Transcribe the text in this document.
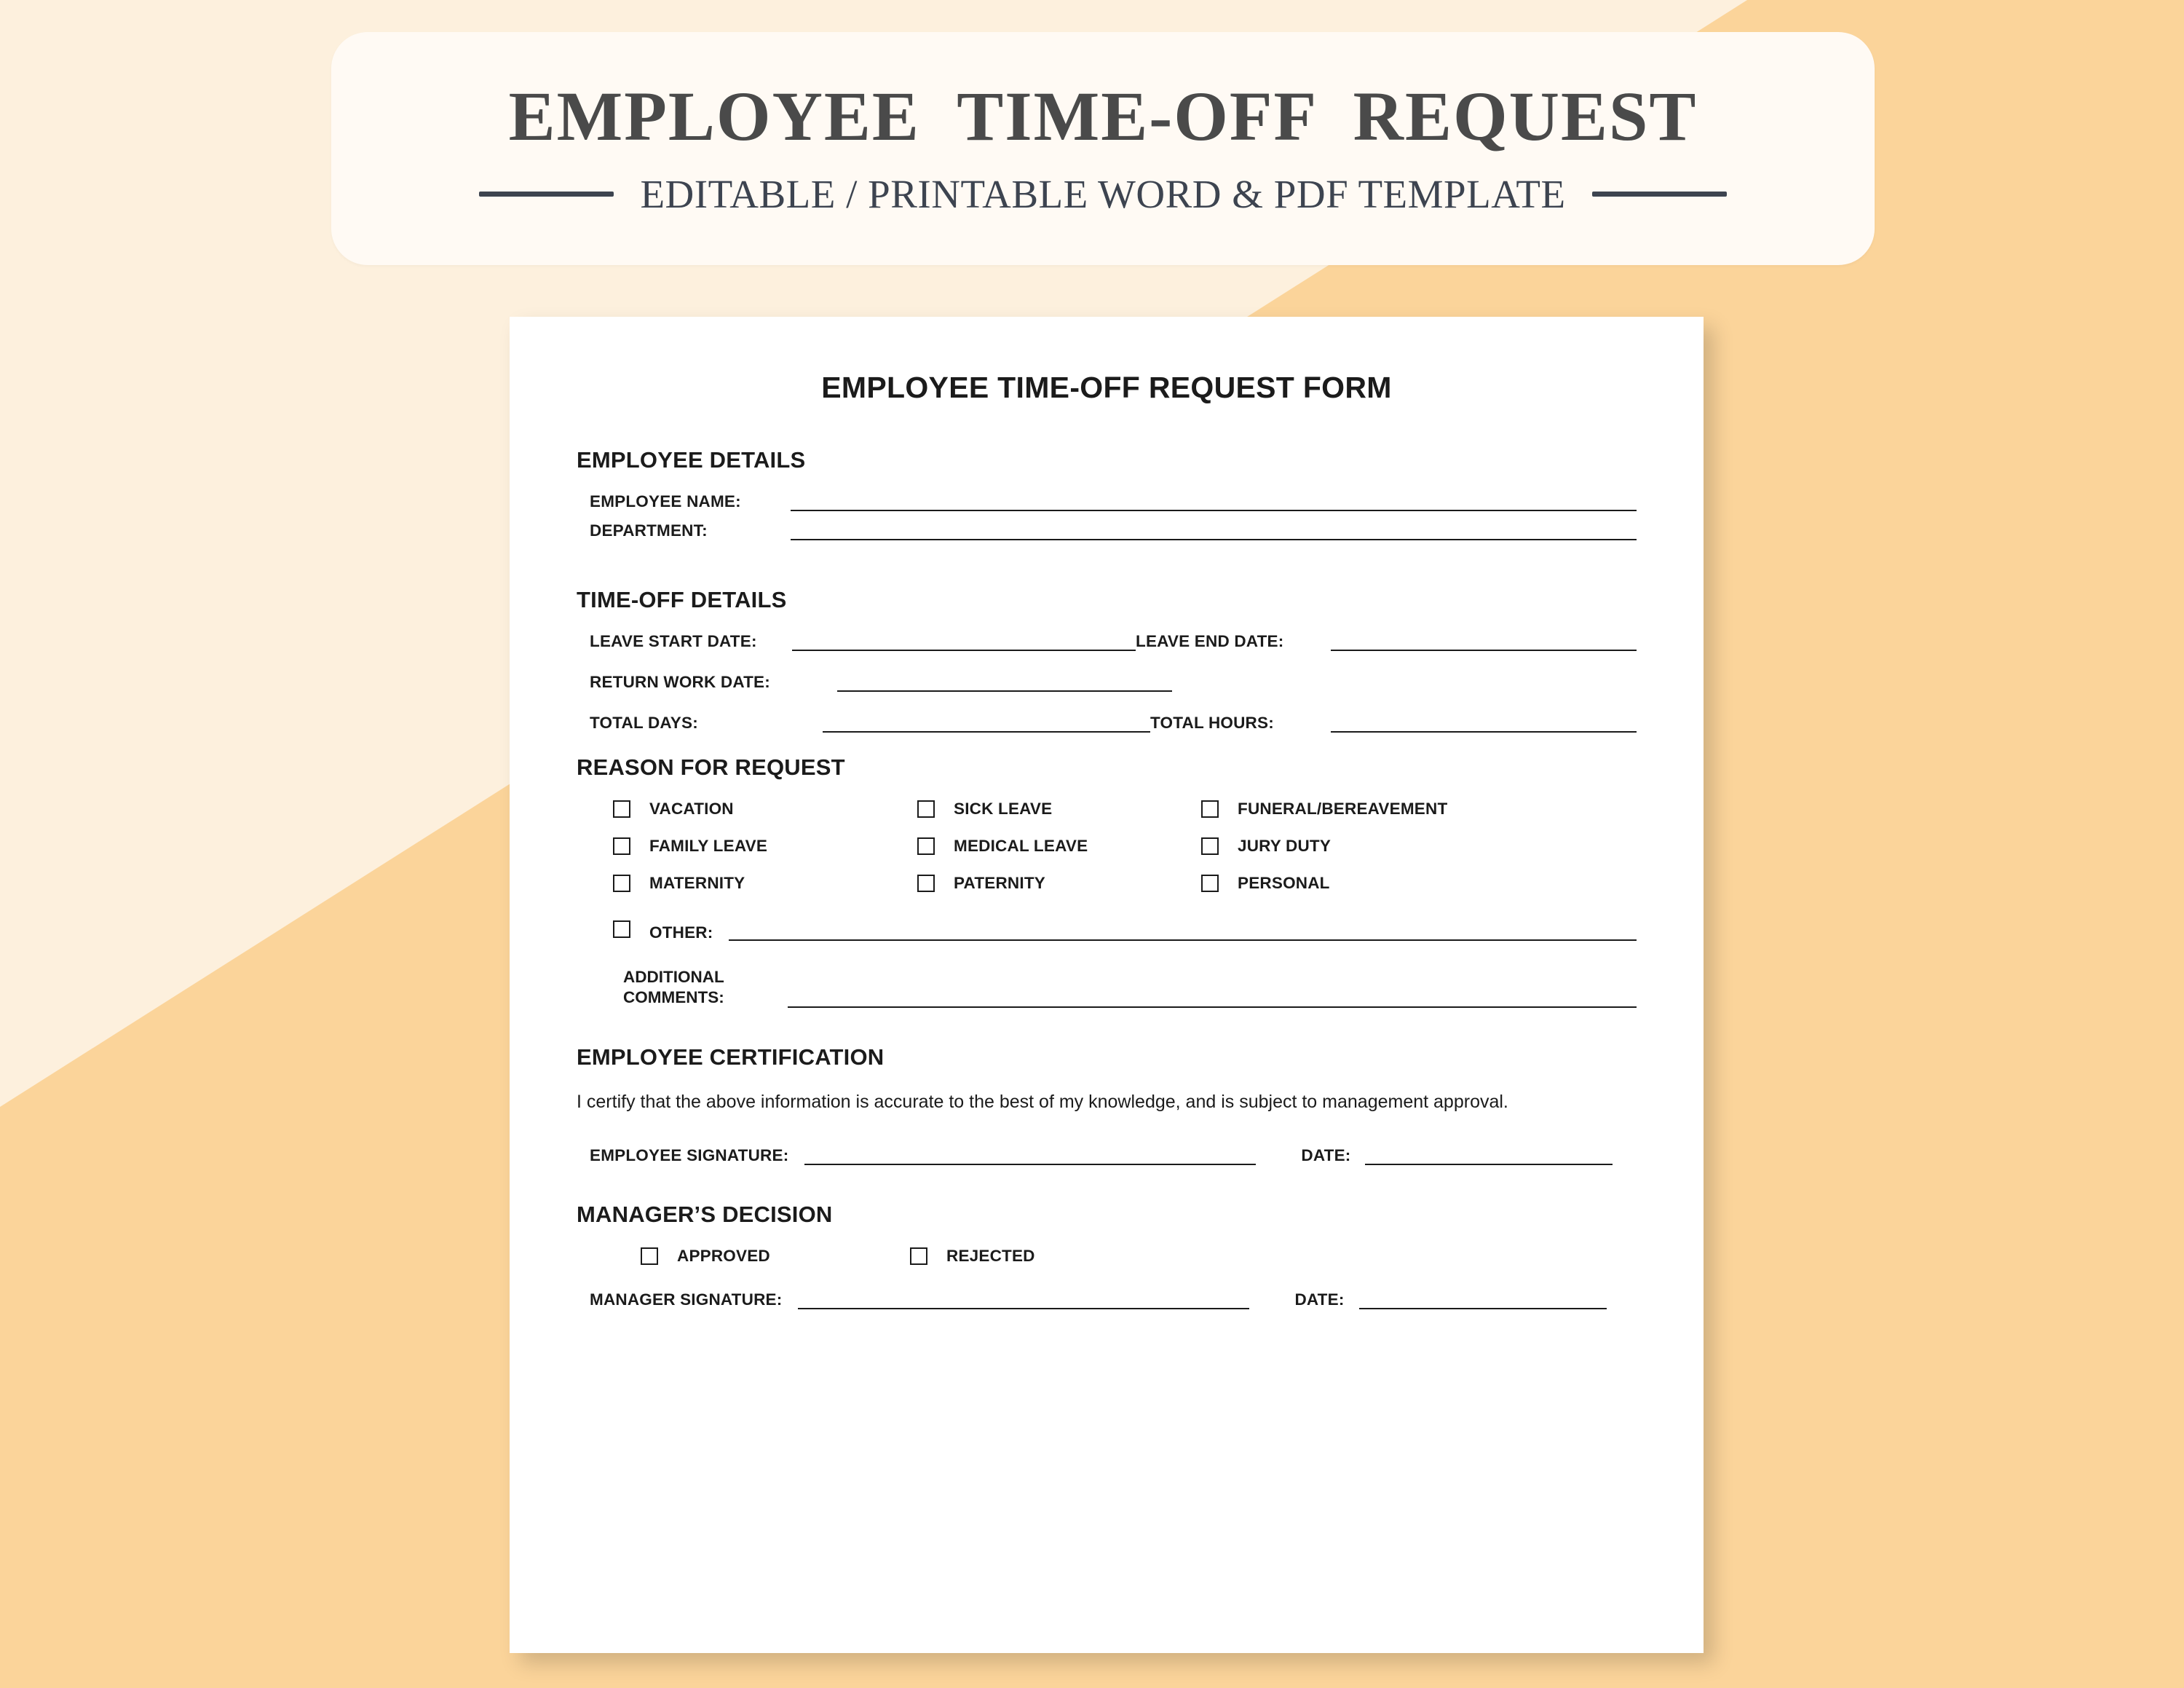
EMPLOYEE  TIME-OFF  REQUEST
EDITABLE / PRINTABLE WORD & PDF TEMPLATE
EMPLOYEE TIME-OFF REQUEST FORM
EMPLOYEE DETAILS
EMPLOYEE NAME:
DEPARTMENT:
TIME-OFF DETAILS
LEAVE START DATE:	LEAVE END DATE:
RETURN WORK DATE:
TOTAL DAYS:	TOTAL HOURS:
REASON FOR REQUEST
VACATION	SICK LEAVE	FUNERAL/BEREAVEMENT
FAMILY LEAVE	MEDICAL LEAVE	JURY DUTY
MATERNITY	PATERNITY	PERSONAL
OTHER:
ADDITIONAL
COMMENTS:
EMPLOYEE CERTIFICATION
I certify that the above information is accurate to the best of my knowledge, and is subject to management approval.
EMPLOYEE SIGNATURE:	DATE:
MANAGER’S DECISION
APPROVED	REJECTED
MANAGER SIGNATURE:	DATE:
